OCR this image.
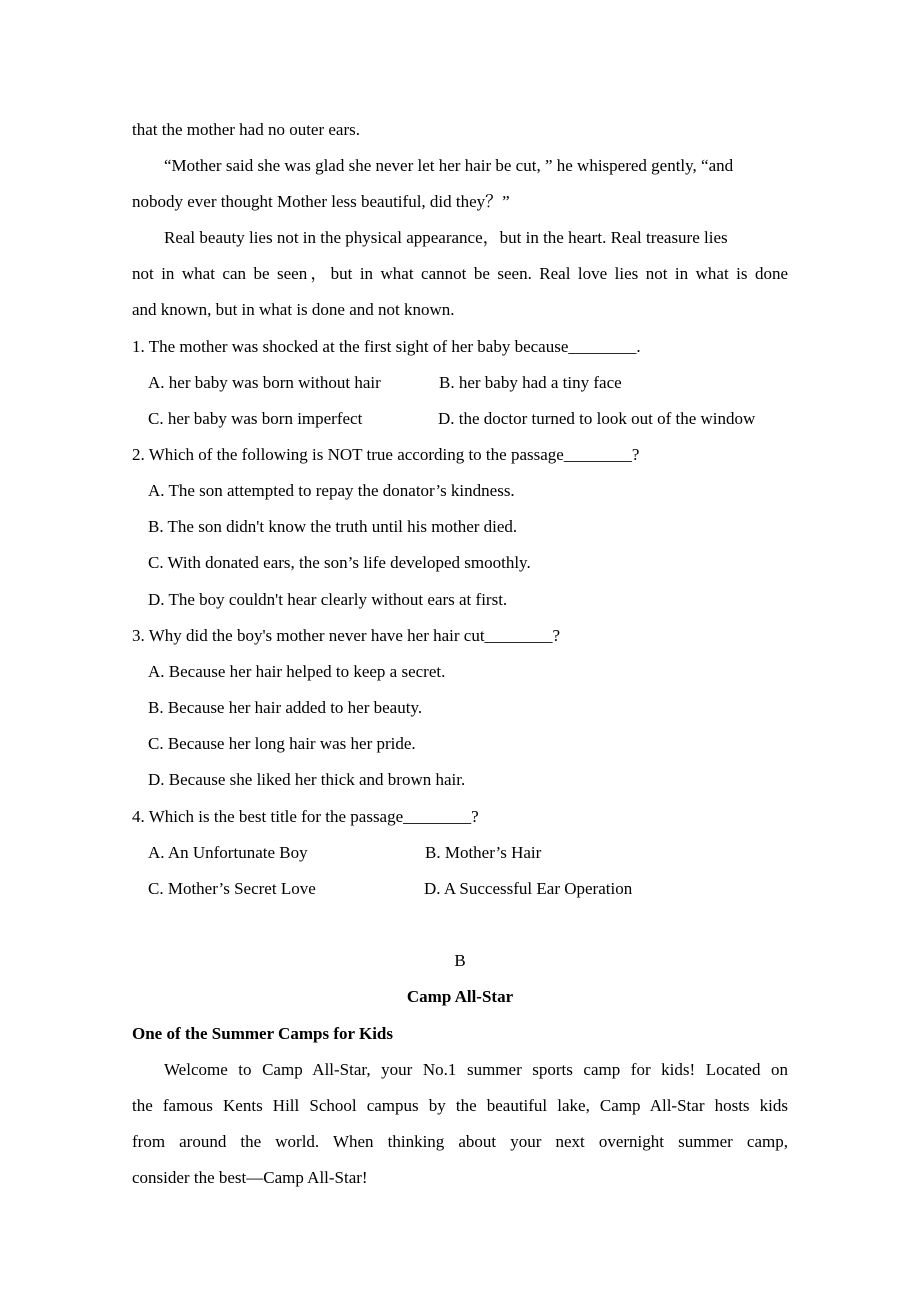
that the mother had no outer ears.
“Mother said she was glad she never let her hair be cut, ” he whispered gently, “and
nobody ever thought Mother less beautiful, did they？”
Real beauty lies not in the physical appearance，but in the heart. Real treasure lies
not in what can be seen，but in what cannot be seen. Real love lies not in what is done
and known, but in what is done and not known.
1. The mother was shocked at the first sight of her baby because________.
A. her baby was born without hair	B. her baby had a tiny face
C. her baby was born imperfect	D. the doctor turned to look out of the window
2. Which of the following is NOT true according to the passage________?
A. The son attempted to repay the donator’s kindness.
B. The son didn't know the truth until his mother died.
C. With donated ears, the son’s life developed smoothly.
D. The boy couldn't hear clearly without ears at first.
3. Why did the boy's mother never have her hair cut________?
A. Because her hair helped to keep a secret.
B. Because her hair added to her beauty.
C. Because her long hair was her pride.
D. Because she liked her thick and brown hair.
4. Which is the best title for the passage________?
A. An Unfortunate Boy	B. Mother’s Hair
C. Mother’s Secret Love	D. A Successful Ear Operation
B
Camp All-Star
One of the Summer Camps for Kids
Welcome to Camp All-Star, your No.1 summer sports camp for kids! Located on
the famous Kents Hill School campus by the beautiful lake, Camp All-Star hosts kids
from around the world. When thinking about your next overnight summer camp,
consider the best—Camp All-Star!
